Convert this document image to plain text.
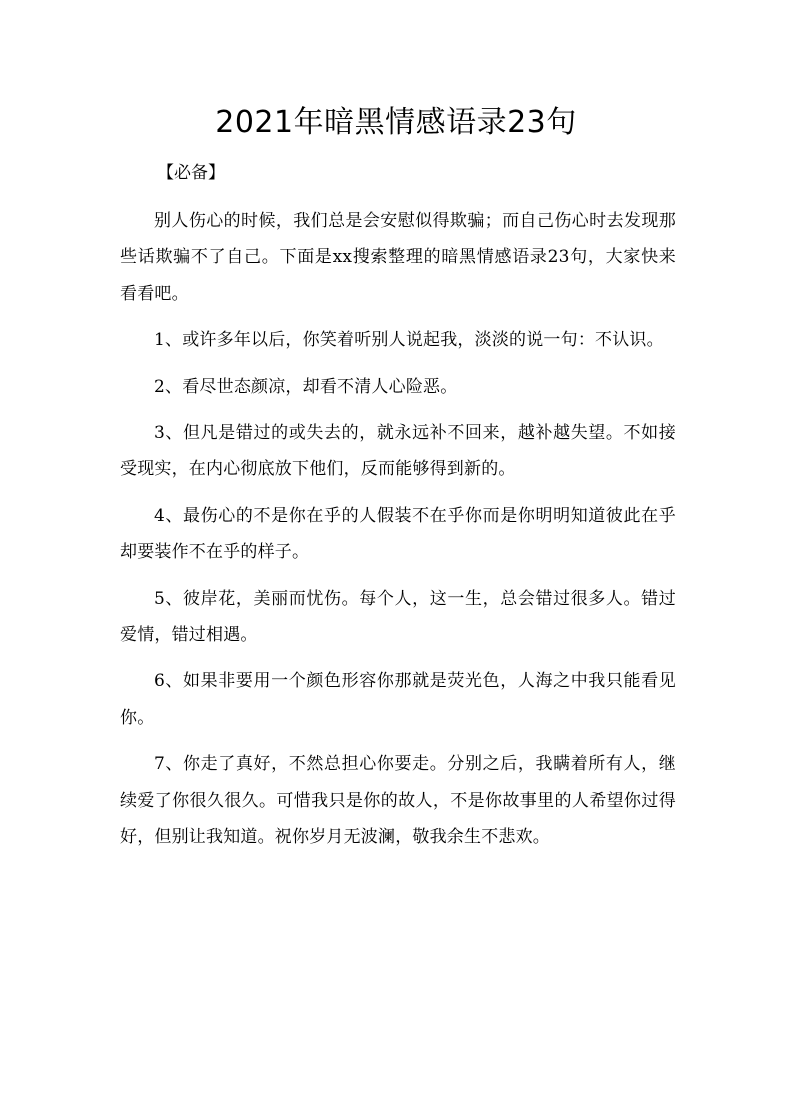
2021年暗黑情感语录23句
【必备】

别人伤心的时候，我们总是会安慰似得欺骗；而自己伤心时去发现那些话欺骗不了自己。下面是xx搜索整理的暗黑情感语录23句，大家快来看看吧。

1、或许多年以后，你笑着听别人说起我，淡淡的说一句：不认识。

2、看尽世态颜凉，却看不清人心险恶。

3、但凡是错过的或失去的，就永远补不回来，越补越失望。不如接受现实，在内心彻底放下他们，反而能够得到新的。

4、最伤心的不是你在乎的人假装不在乎你而是你明明知道彼此在乎却要装作不在乎的样子。

5、彼岸花，美丽而忧伤。每个人，这一生，总会错过很多人。错过爱情，错过相遇。

6、如果非要用一个颜色形容你那就是荧光色，人海之中我只能看见你。

7、你走了真好，不然总担心你要走。分别之后，我瞒着所有人，继续爱了你很久很久。可惜我只是你的故人，不是你故事里的人希望你过得好，但别让我知道。祝你岁月无波澜，敬我余生不悲欢。
